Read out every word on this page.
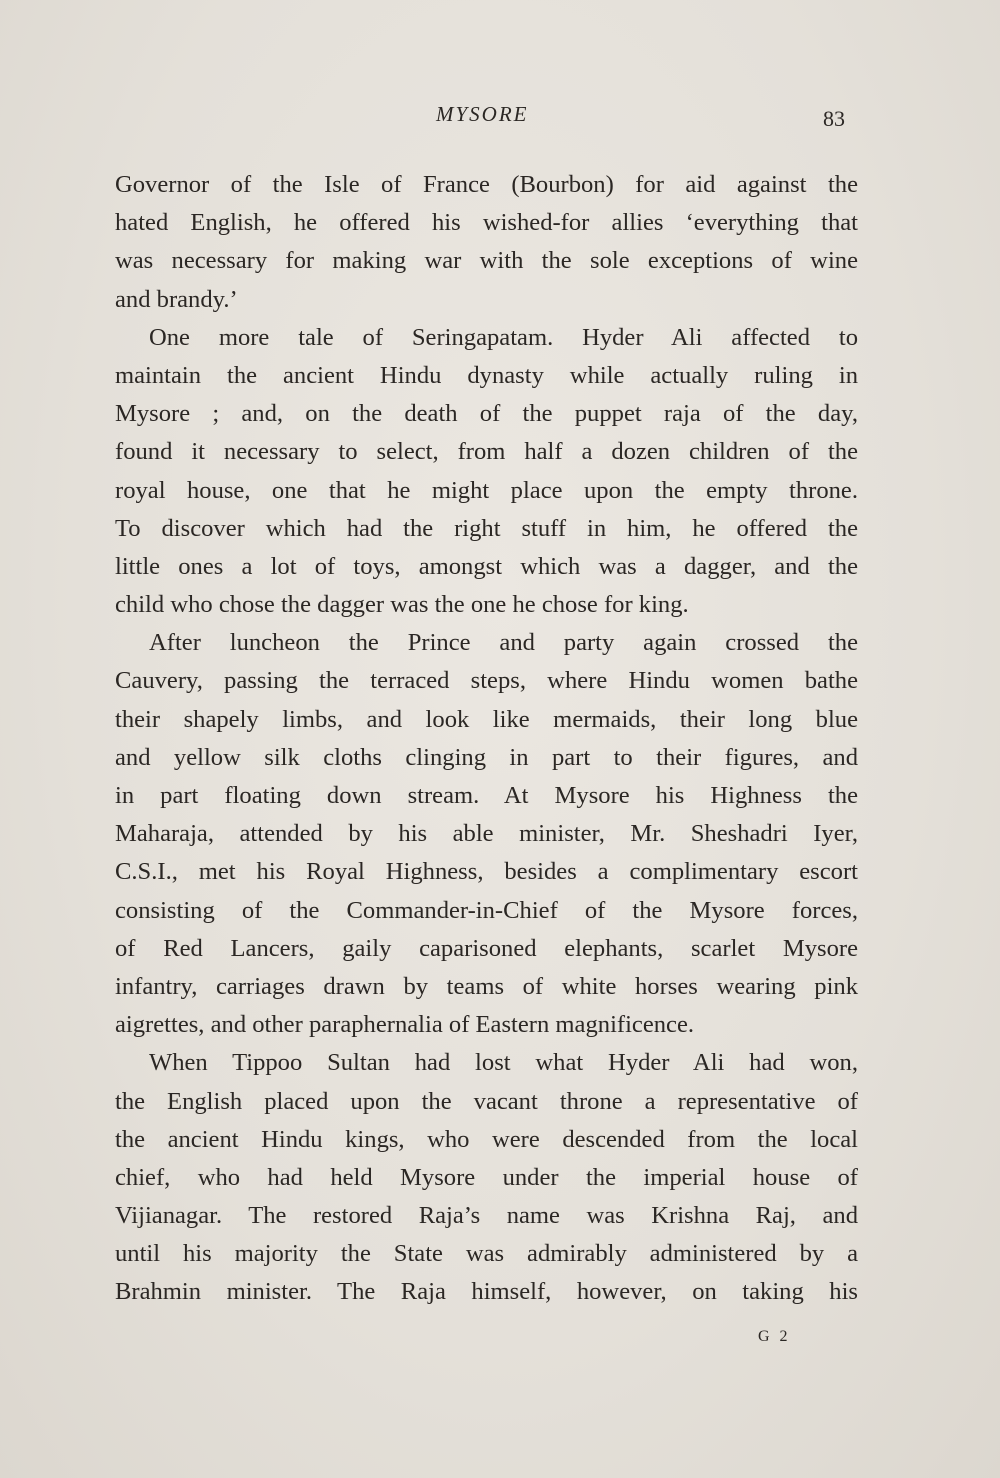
MYSORE	83
Governor of the Isle of France (Bourbon) for aid against the
hated English, he offered his wished-for allies ‘everything that
was necessary for making war with the sole exceptions of wine
and brandy.’
One more tale of Seringapatam. Hyder Ali affected to
maintain the ancient Hindu dynasty while actually ruling in
Mysore ; and, on the death of the puppet raja of the day,
found it necessary to select, from half a dozen children of the
royal house, one that he might place upon the empty throne.
To discover which had the right stuff in him, he offered the
little ones a lot of toys, amongst which was a dagger, and the
child who chose the dagger was the one he chose for king.
After luncheon the Prince and party again crossed the
Cauvery, passing the terraced steps, where Hindu women bathe
their shapely limbs, and look like mermaids, their long blue
and yellow silk cloths clinging in part to their figures, and
in part floating down stream. At Mysore his Highness the
Maharaja, attended by his able minister, Mr. Sheshadri Iyer,
C.S.I., met his Royal Highness, besides a complimentary escort
consisting of the Commander-in-Chief of the Mysore forces,
of Red Lancers, gaily caparisoned elephants, scarlet Mysore
infantry, carriages drawn by teams of white horses wearing pink
aigrettes, and other paraphernalia of Eastern magnificence.
When Tippoo Sultan had lost what Hyder Ali had won,
the English placed upon the vacant throne a representative of
the ancient Hindu kings, who were descended from the local
chief, who had held Mysore under the imperial house of
Vijianagar. The restored Raja’s name was Krishna Raj, and
until his majority the State was admirably administered by a
Brahmin minister. The Raja himself, however, on taking his
G 2
